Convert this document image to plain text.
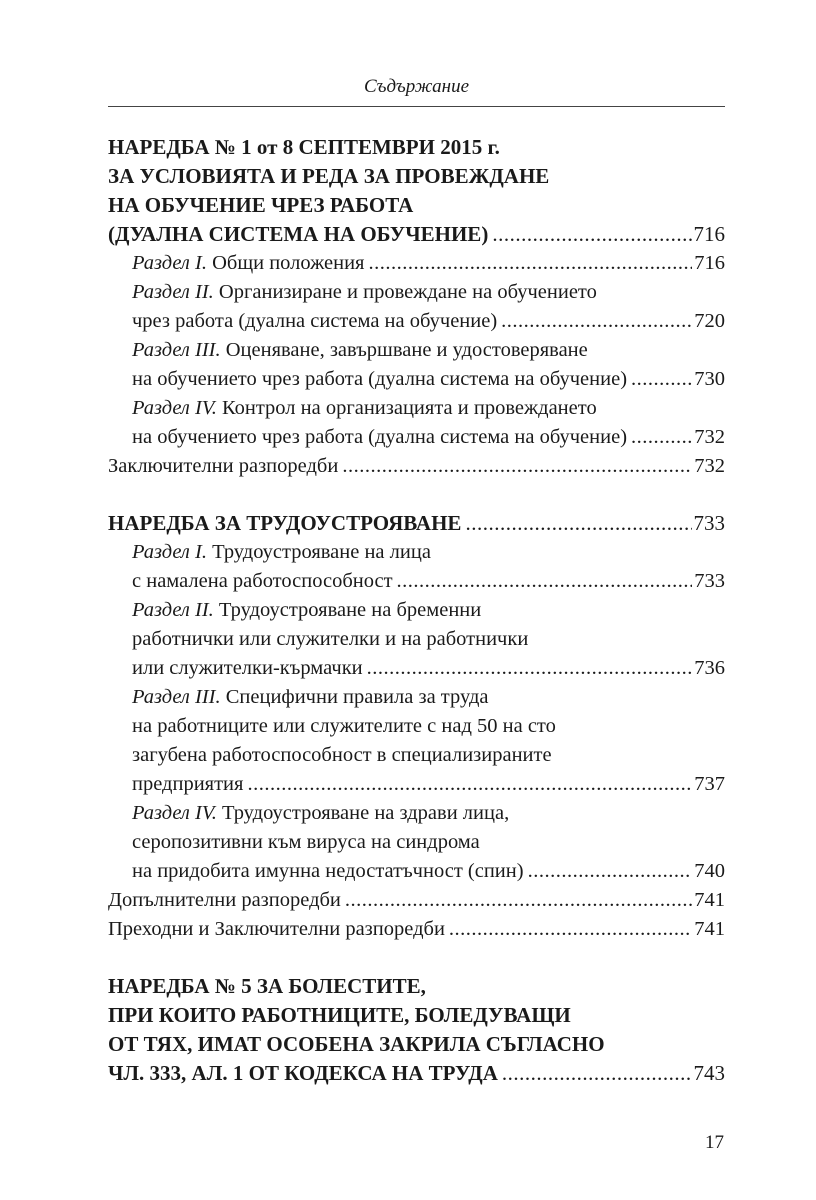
Съдържание
НАРЕДБА № 1 от 8 СЕПТЕМВРИ 2015 г.
ЗА УСЛОВИЯТА И РЕДА ЗА ПРОВЕЖДАНЕ
НА ОБУЧЕНИЕ ЧРЕЗ РАБОТА
(ДУАЛНА СИСТЕМА НА ОБУЧЕНИЕ) .....	716
Раздел I. Общи положения .....	716
Раздел II. Организиране и провеждане на обучението
чрез работа (дуална система на обучение) .....	720
Раздел III. Оценяване, завършване и удостоверяване
на обучението чрез работа (дуална система на обучение) .....	730
Раздел IV. Контрол на организацията и провеждането
на обучението чрез работа (дуална система на обучение) .....	732
Заключителни разпоредби .....	732
НАРЕДБА ЗА ТРУДОУСТРОЯВАНЕ .....	733
Раздел I. Трудоустрояване на лица
с намалена работоспособност .....	733
Раздел II. Трудоустрояване на бременни
работнички или служителки и на работнички
или служителки-кърмачки .....	736
Раздел III. Специфични правила за труда
на работниците или служителите с над 50 на сто
загубена работоспособност в специализираните
предприятия .....	737
Раздел IV. Трудоустрояване на здрави лица,
серопозитивни към вируса на синдрома
на придобита имунна недостатъчност (спин) .....	740
Допълнителни разпоредби .....	741
Преходни и Заключителни разпоредби .....	741
НАРЕДБА № 5 ЗА БОЛЕСТИТЕ,
ПРИ КОИТО РАБОТНИЦИТЕ, БОЛЕДУВАЩИ
ОТ ТЯХ, ИМАТ ОСОБЕНА ЗАКРИЛА СЪГЛАСНО
ЧЛ. 333, АЛ. 1 ОТ КОДЕКСА НА ТРУДА .....	743
17
